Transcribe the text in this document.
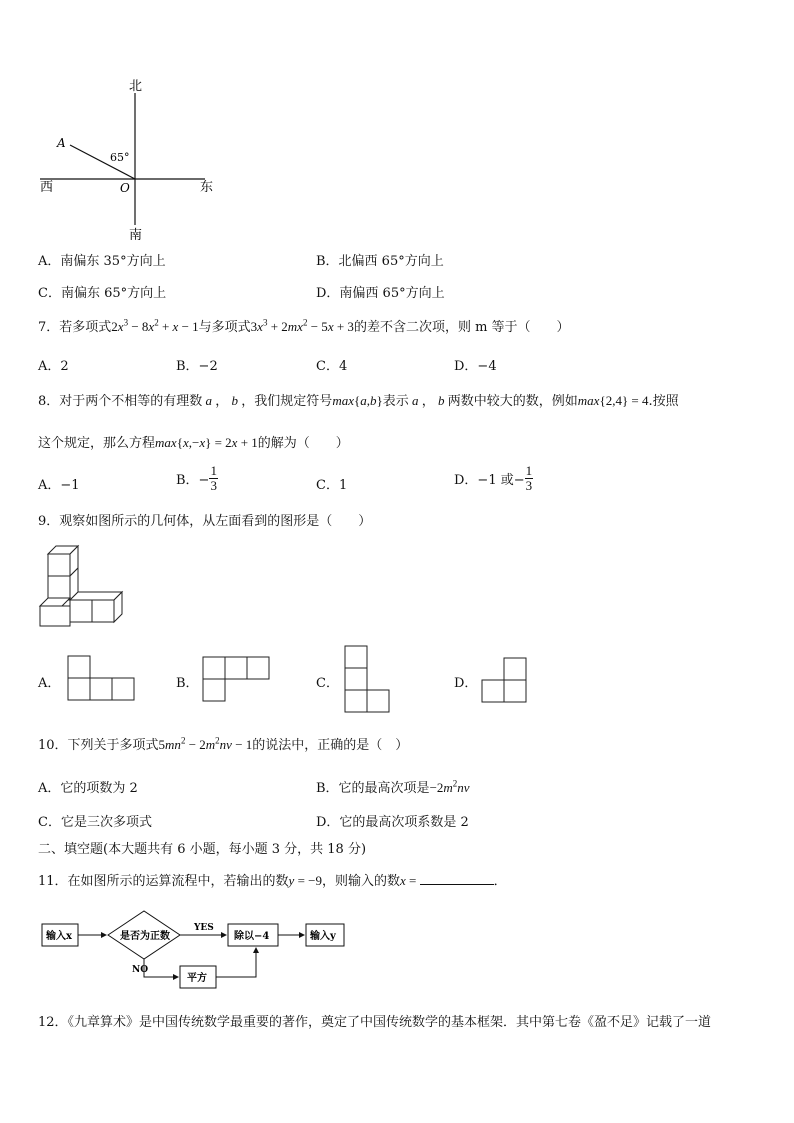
北
南
西	东
A
O
65°
A．南偏东 35°方向上	B．北偏西 65°方向上
C．南偏东 65°方向上	D．南偏西 65°方向上
7．若多项式$2x^3 - 8x^2 + x - 1$与多项式$3x^3 + 2mx^2 - 5x + 3$的差不含二次项，则 m 等于（　　）
A．2	B．−2	C．4	D．−4
8．对于两个不相等的有理数 a ， b ，我们规定符号max{a,b}表示 a ， b 两数中较大的数，例如max{2,4} = 4.按照
这个规定，那么方程max{x,−x} = 2x + 1的解为（　　）
A．−1	B．− $\frac{1}{3}$	C．1	D．−1 或− $\frac{1}{3}$
9．观察如图所示的几何体，从左面看到的图形是（　　）
A．	B．	C．	D．
10．下列关于多项式$5mn^2 - 2m^2nv - 1$的说法中，正确的是（　）
A．它的项数为 2	B．它的最高次项是$-2m^2nv$
C．它是三次多项式	D．它的最高次项系数是 2
二、填空题(本大题共有 6 小题，每小题 3 分，共 18 分)
11．在如图所示的运算流程中，若输出的数y = −9，则输入的数x =	．
输入x	是否为正数
YES
NO
除以−4	输入y
平方
12．《九章算术》是中国传统数学最重要的著作，奠定了中国传统数学的基本框架．其中第七卷《盈不足》记载了一道
